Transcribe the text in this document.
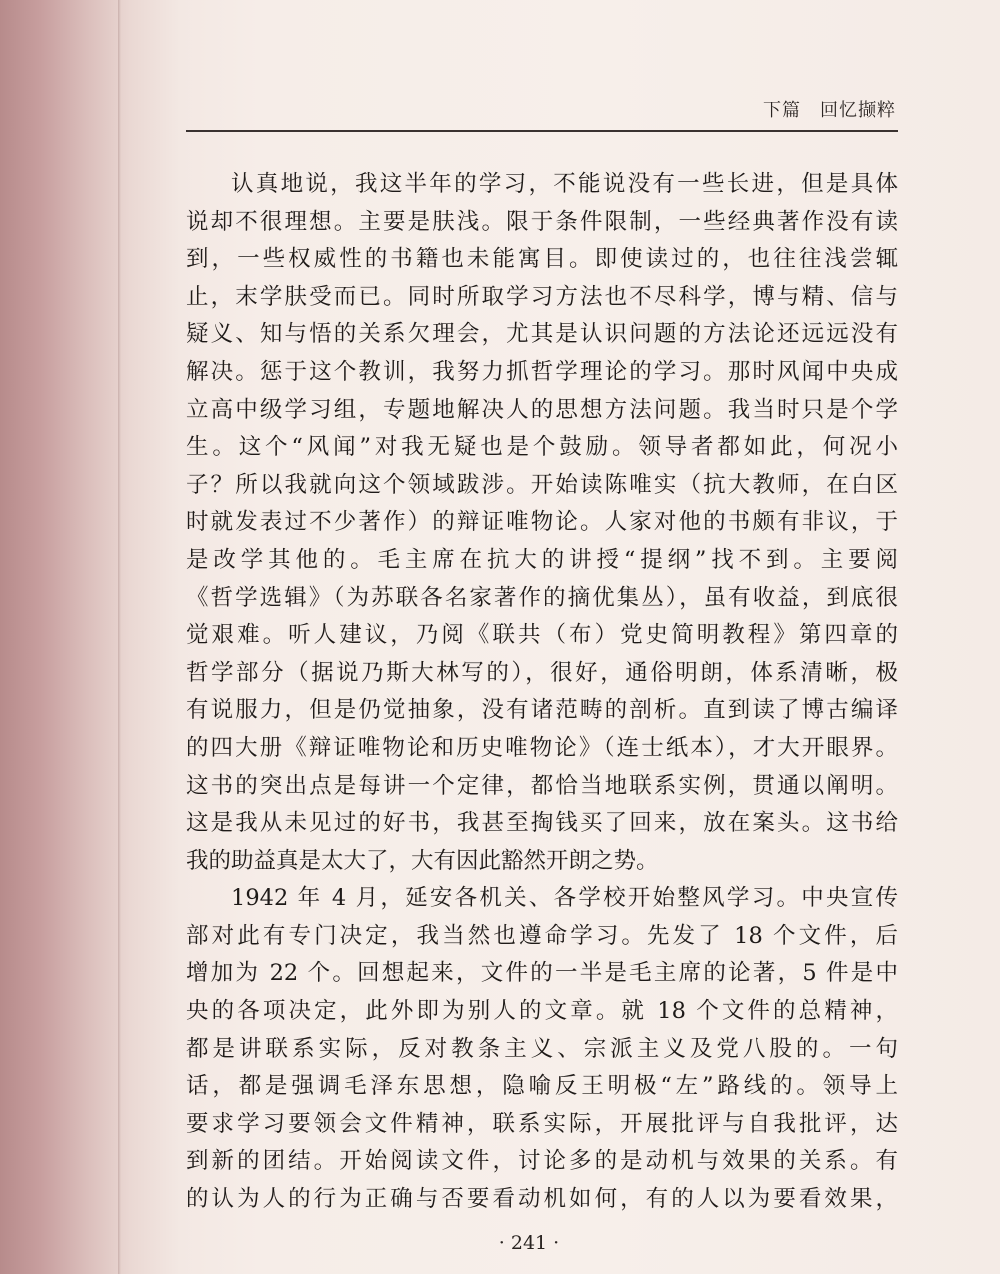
下篇　回忆撷粹
认真地说，我这半年的学习，不能说没有一些长进，但是具体
说却不很理想。主要是肤浅。限于条件限制，一些经典著作没有读
到，一些权威性的书籍也未能寓目。即使读过的，也往往浅尝辄
止，末学肤受而已。同时所取学习方法也不尽科学，博与精、信与
疑义、知与悟的关系欠理会，尤其是认识问题的方法论还远远没有
解决。惩于这个教训，我努力抓哲学理论的学习。那时风闻中央成
立高中级学习组，专题地解决人的思想方法问题。我当时只是个学
生。这个“风闻”对我无疑也是个鼓励。领导者都如此，何况小
子？所以我就向这个领域跋涉。开始读陈唯实（抗大教师，在白区
时就发表过不少著作）的辩证唯物论。人家对他的书颇有非议，于
是改学其他的。毛主席在抗大的讲授“提纲”找不到。主要阅
《哲学选辑》（为苏联各名家著作的摘优集丛），虽有收益，到底很
觉艰难。听人建议，乃阅《联共（布）党史简明教程》第四章的
哲学部分（据说乃斯大林写的），很好，通俗明朗，体系清晰，极
有说服力，但是仍觉抽象，没有诸范畴的剖析。直到读了博古编译
的四大册《辩证唯物论和历史唯物论》（连士纸本），才大开眼界。
这书的突出点是每讲一个定律，都恰当地联系实例，贯通以阐明。
这是我从未见过的好书，我甚至掏钱买了回来，放在案头。这书给
我的助益真是太大了，大有因此豁然开朗之势。
1942 年 4 月，延安各机关、各学校开始整风学习。中央宣传
部对此有专门决定，我当然也遵命学习。先发了 18 个文件，后
增加为 22 个。回想起来，文件的一半是毛主席的论著，5 件是中
央的各项决定，此外即为别人的文章。就 18 个文件的总精神，
都是讲联系实际，反对教条主义、宗派主义及党八股的。一句
话，都是强调毛泽东思想，隐喻反王明极“左”路线的。领导上
要求学习要领会文件精神，联系实际，开展批评与自我批评，达
到新的团结。开始阅读文件，讨论多的是动机与效果的关系。有
的认为人的行为正确与否要看动机如何，有的人以为要看效果，
· 241 ·
